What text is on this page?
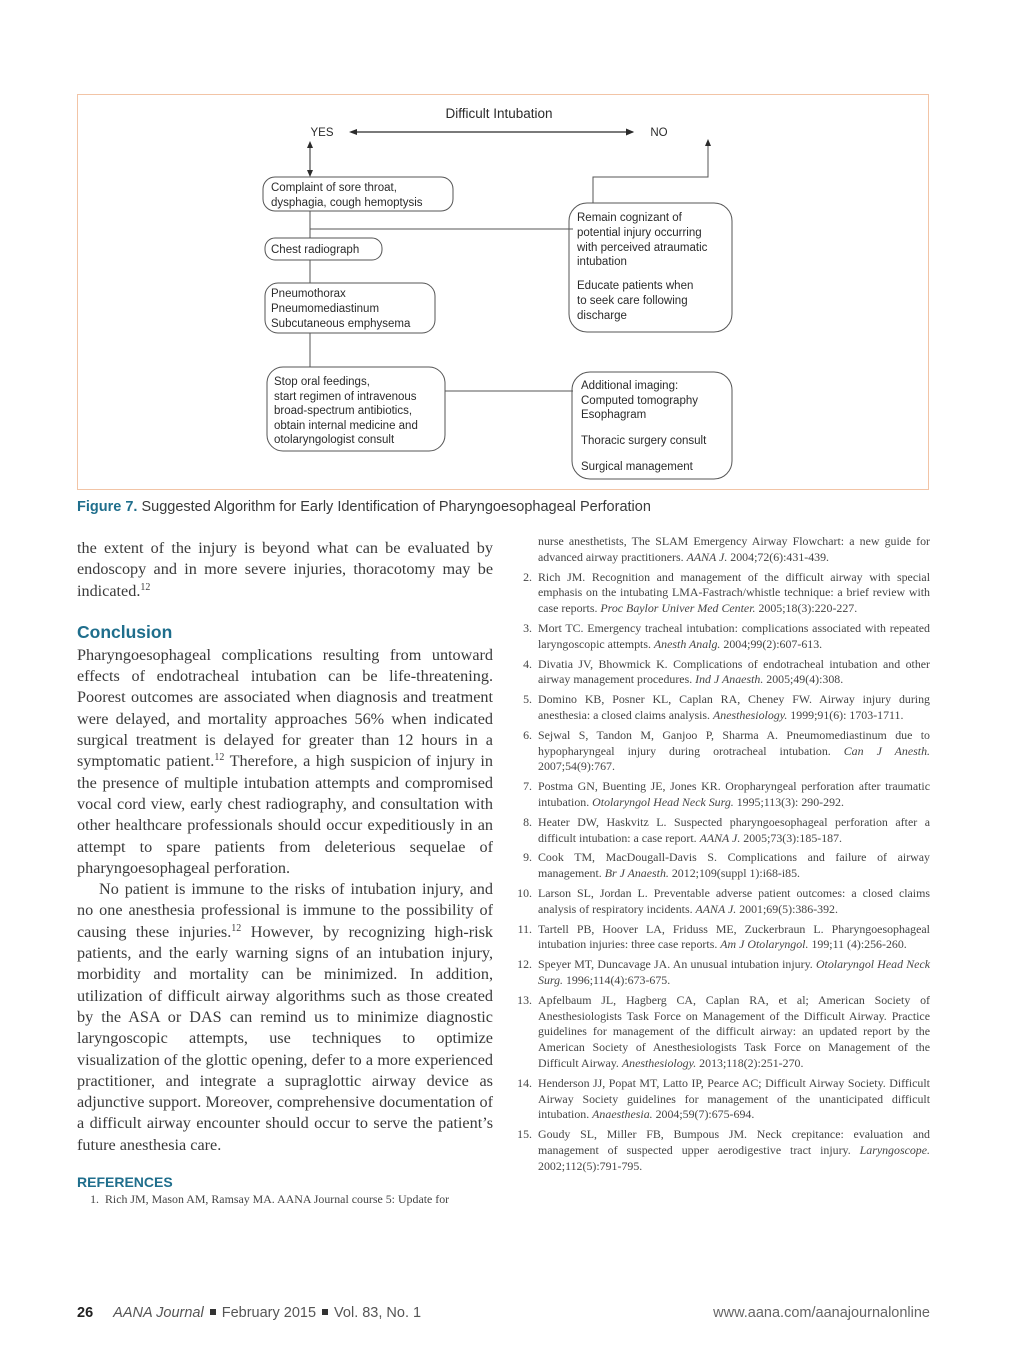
Difficult Intubation
YES	NO
Complaint of sore throat,
dysphagia, cough hemoptysis
Chest radiograph
Pneumothorax
Pneumomediastinum
Subcutaneous emphysema
Stop oral feedings,
start regimen of intravenous
broad-spectrum antibiotics,
obtain internal medicine and
otolaryngologist consult
Remain cognizant of
potential injury occurring
with perceived atraumatic
intubation
Educate patients when
to seek care following
discharge
Additional imaging:
Computed tomography
Esophagram
Thoracic surgery consult
Surgical management
Figure 7. Suggested Algorithm for Early Identification of Pharyngoesophageal Perforation

the extent of the injury is beyond what can be evaluated by endoscopy and in more severe injuries, thoracotomy may be indicated.$^{12}$

Conclusion

Pharyngoesophageal complications resulting from untoward effects of endotracheal intubation can be life-threatening. Poorest outcomes are associated when diagnosis and treatment were delayed, and mortality approaches 56% when indicated surgical treatment is delayed for greater than 12 hours in a symptomatic patient.$^{12}$ Therefore, a high suspicion of injury in the presence of multiple intubation attempts and compromised vocal cord view, early chest radiography, and consultation with other healthcare professionals should occur expeditiously in an attempt to spare patients from deleterious sequelae of pharyngoesophageal perforation.

No patient is immune to the risks of intubation injury, and no one anesthesia professional is immune to the possibility of causing these injuries.$^{12}$ However, by recognizing high-risk patients, and the early warning signs of an intubation injury, morbidity and mortality can be minimized. In addition, utilization of difficult airway algorithms such as those created by the ASA or DAS can remind us to minimize diagnostic laryngoscopic attempts, use techniques to optimize visualization of the glottic opening, defer to a more experienced practitioner, and integrate a supraglottic airway device as adjunctive support. Moreover, comprehensive documentation of a difficult airway encounter should occur to serve the patient’s future anesthesia care.

REFERENCES
1. Rich JM, Mason AM, Ramsay MA. AANA Journal course 5: Update for
nurse anesthetists, The SLAM Emergency Airway Flowchart: a new guide for advanced airway practitioners. AANA J. 2004;72(6):431-439.
2. Rich JM. Recognition and management of the difficult airway with special emphasis on the intubating LMA-Fastrach/whistle technique: a brief review with case reports. Proc Baylor Univer Med Center. 2005;18(3):220-227.
3. Mort TC. Emergency tracheal intubation: complications associated with repeated laryngoscopic attempts. Anesth Analg. 2004;99(2):607-613.
4. Divatia JV, Bhowmick K. Complications of endotracheal intubation and other airway management procedures. Ind J Anaesth. 2005;49(4):308.
5. Domino KB, Posner KL, Caplan RA, Cheney FW. Airway injury during anesthesia: a closed claims analysis. Anesthesiology. 1999;91(6): 1703-1711.
6. Sejwal S, Tandon M, Ganjoo P, Sharma A. Pneumomediastinum due to hypopharyngeal injury during orotracheal intubation. Can J Anesth. 2007;54(9):767.
7. Postma GN, Buenting JE, Jones KR. Oropharyngeal perforation after traumatic intubation. Otolaryngol Head Neck Surg. 1995;113(3): 290-292.
8. Heater DW, Haskvitz L. Suspected pharyngoesophageal perforation after a difficult intubation: a case report. AANA J. 2005;73(3):185-187.
9. Cook TM, MacDougall-Davis S. Complications and failure of airway management. Br J Anaesth. 2012;109(suppl 1):i68-i85.
10. Larson SL, Jordan L. Preventable adverse patient outcomes: a closed claims analysis of respiratory incidents. AANA J. 2001;69(5):386-392.
11. Tartell PB, Hoover LA, Friduss ME, Zuckerbraun L. Pharyngoesophageal intubation injuries: three case reports. Am J Otolaryngol. 199;11 (4):256-260.
12. Speyer MT, Duncavage JA. An unusual intubation injury. Otolaryngol Head Neck Surg. 1996;114(4):673-675.
13. Apfelbaum JL, Hagberg CA, Caplan RA, et al; American Society of Anesthesiologists Task Force on Management of the Difficult Airway. Practice guidelines for management of the difficult airway: an updated report by the American Society of Anesthesiologists Task Force on Management of the Difficult Airway. Anesthesiology. 2013;118(2):251-270.
14. Henderson JJ, Popat MT, Latto IP, Pearce AC; Difficult Airway Society. Difficult Airway Society guidelines for management of the unanticipated difficult intubation. Anaesthesia. 2004;59(7):675-694.
15. Goudy SL, Miller FB, Bumpous JM. Neck crepitance: evaluation and management of suspected upper aerodigestive tract injury. Laryngoscope. 2002;112(5):791-795.
26 AANA Journal February 2015 Vol. 83, No. 1	www.aana.com/aanajournalonline
